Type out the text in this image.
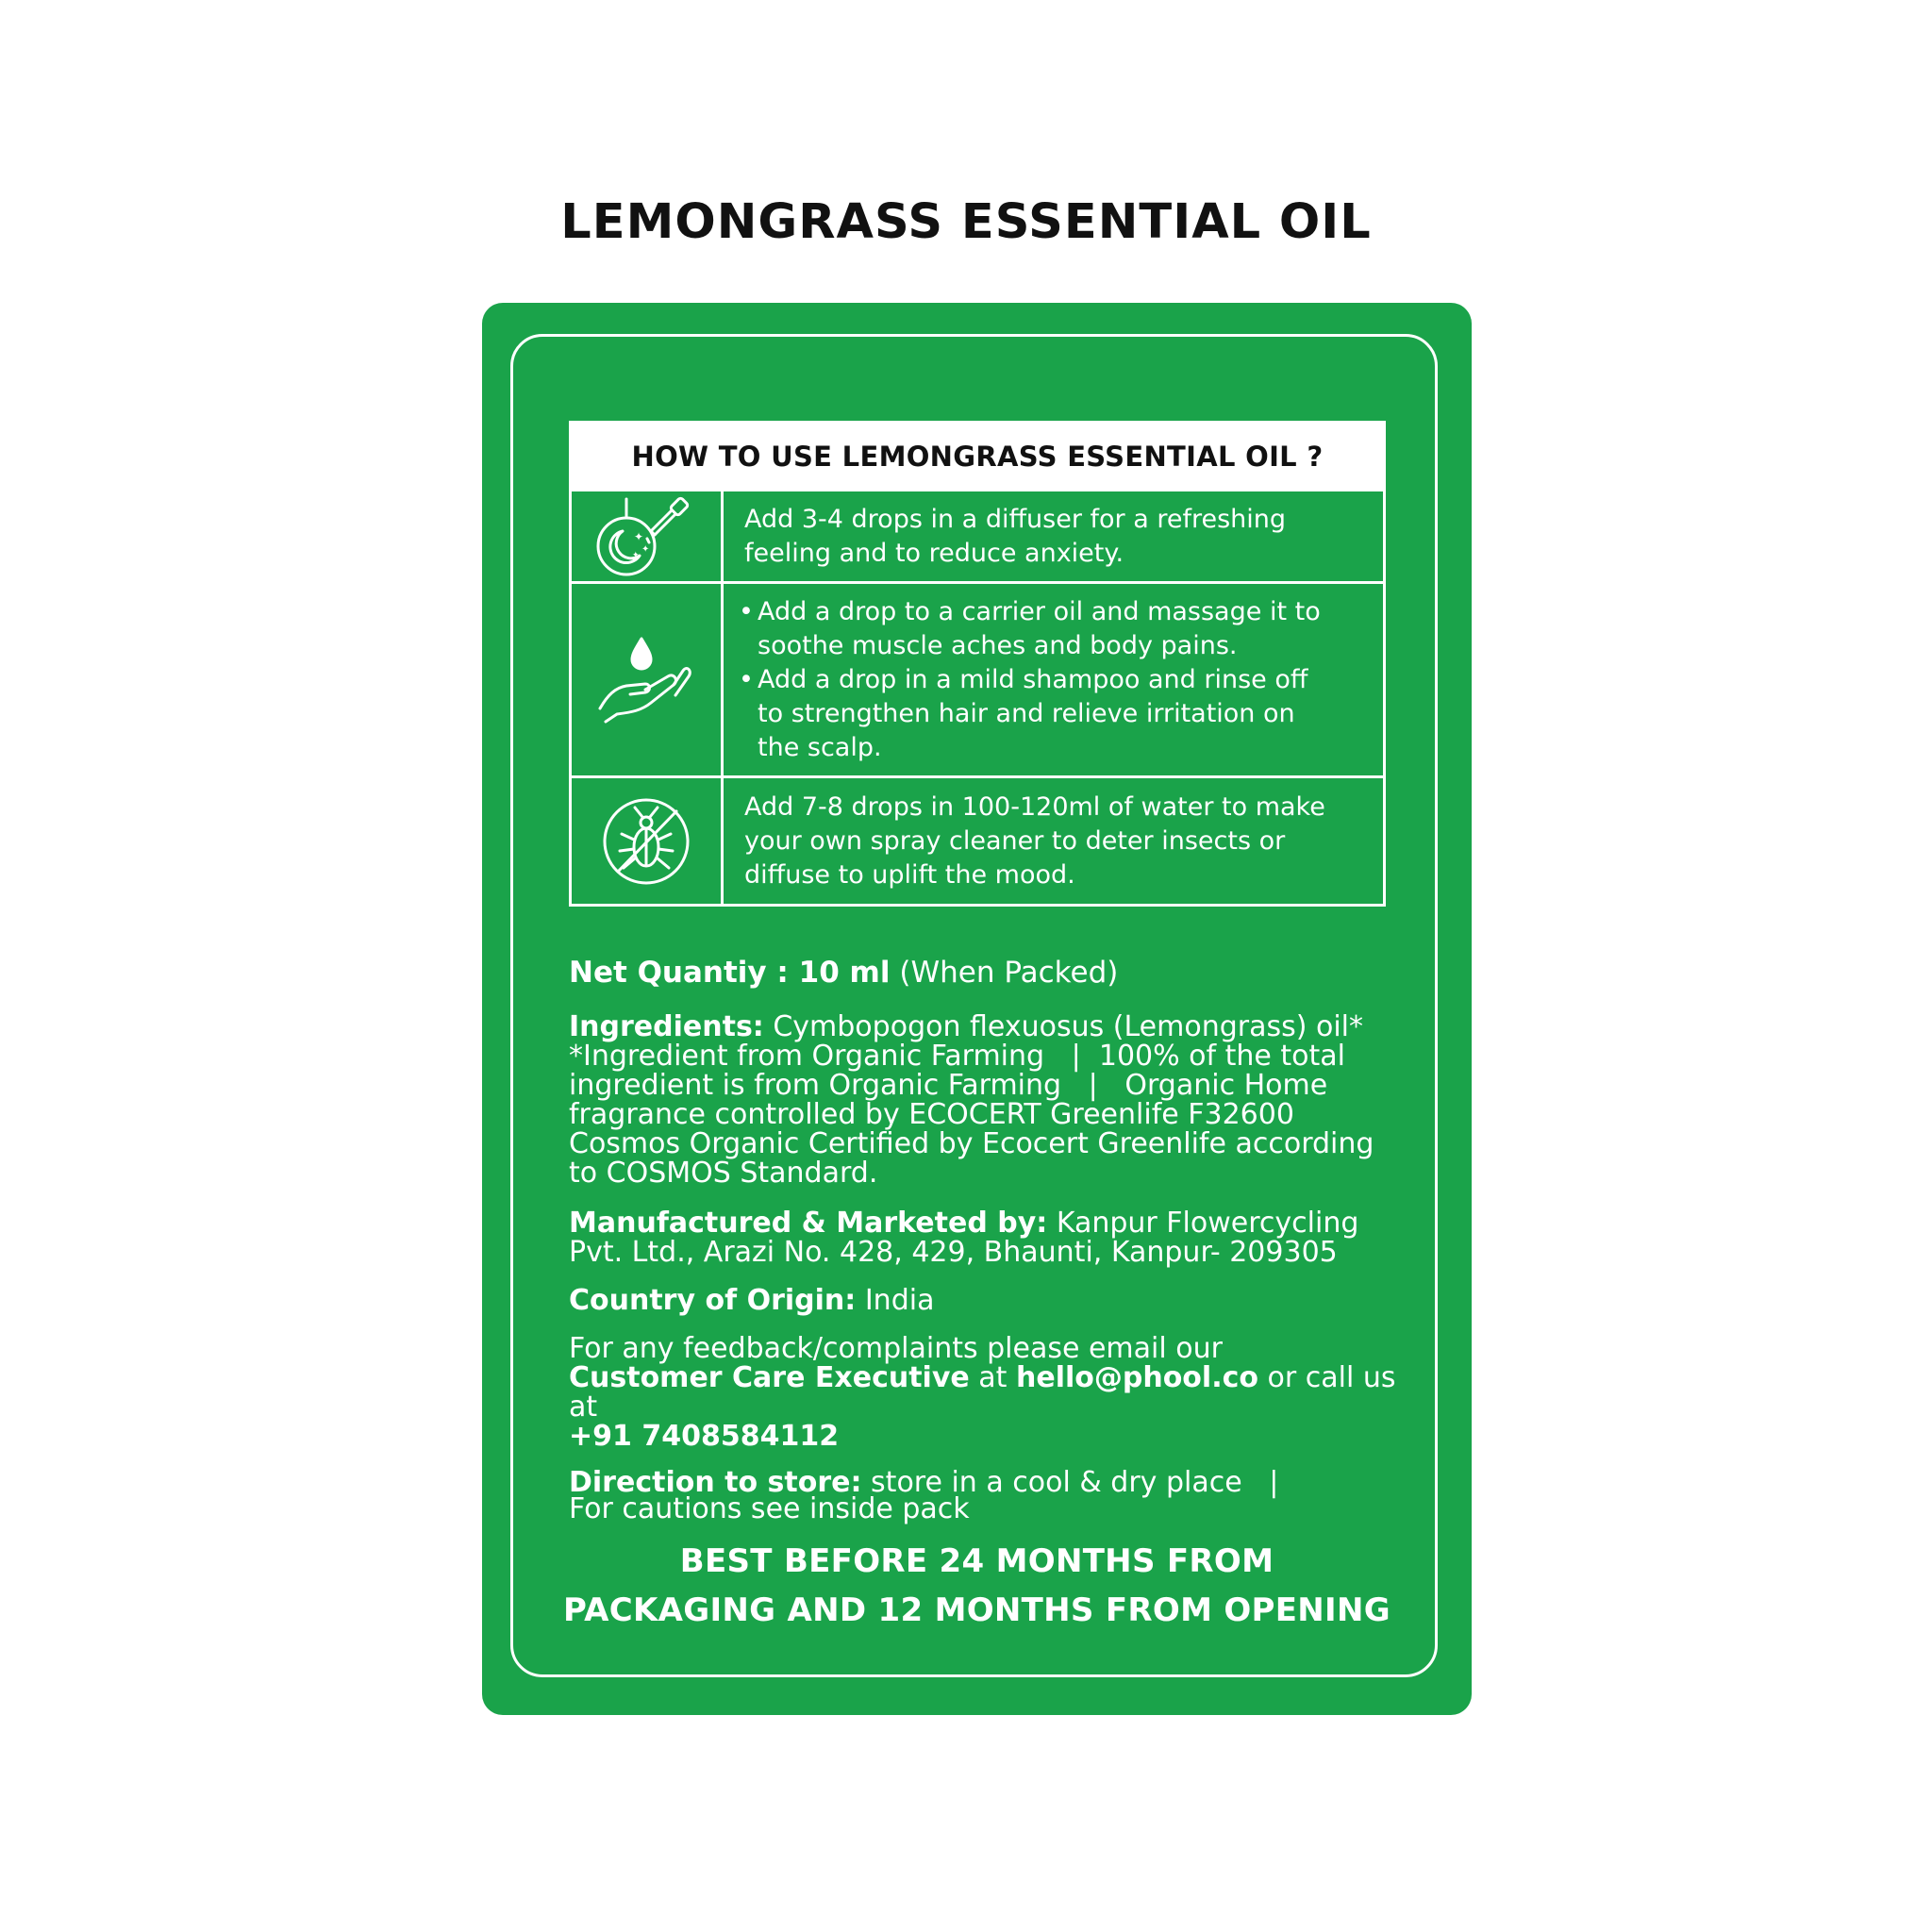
LEMONGRASS ESSENTIAL OIL
HOW TO USE LEMONGRASS ESSENTIAL OIL ?
✦
✦
✦
Add 3-4 drops in a diffuser for a refreshing
feeling and to reduce anxiety.
• Add a drop to a carrier oil and massage it to
soothe muscle aches and body pains.
• Add a drop in a mild shampoo and rinse off
to strengthen hair and relieve irritation on
the scalp.
Add 7-8 drops in 100-120ml of water to make
your own spray cleaner to deter insects or
diffuse to uplift the mood.

Net Quantiy : 10 ml (When Packed)

Ingredients: Cymbopogon flexuosus (Lemongrass) oil*
*Ingredient from Organic Farming   |  100% of the total
ingredient is from Organic Farming   |   Organic Home
fragrance controlled by ECOCERT Greenlife F32600
Cosmos Organic Certified by Ecocert Greenlife according
to COSMOS Standard.

Manufactured & Marketed by: Kanpur Flowercycling
Pvt. Ltd., Arazi No. 428, 429, Bhaunti, Kanpur- 209305

Country of Origin: India

For any feedback/complaints please email our
Customer Care Executive at hello@phool.co or call us at
+91 7408584112

Direction to store: store in a cool & dry place   |
For cautions see inside pack

BEST BEFORE 24 MONTHS FROM
PACKAGING AND 12 MONTHS FROM OPENING
